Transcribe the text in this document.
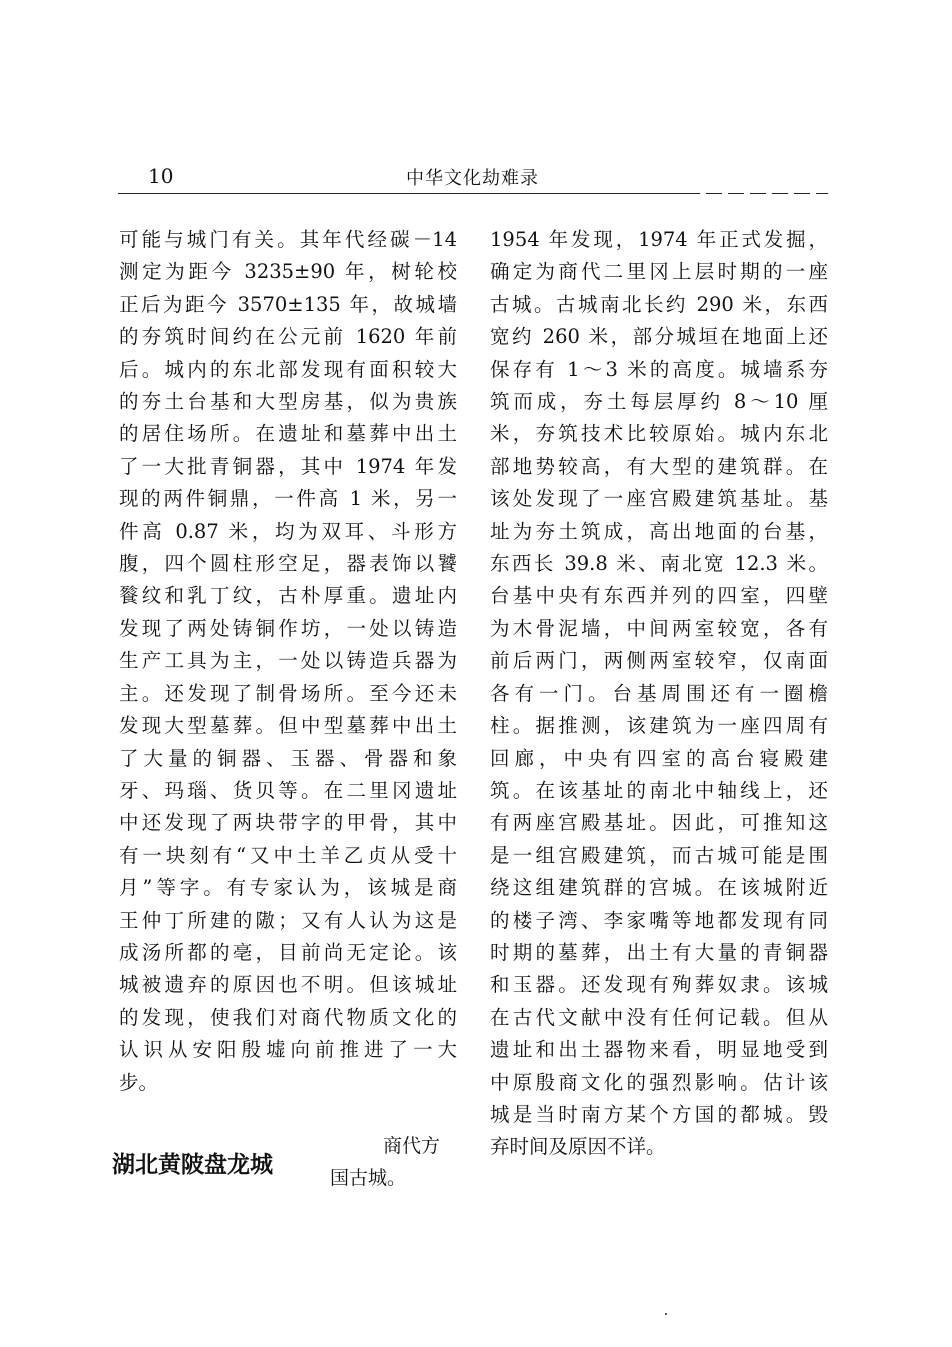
10	中华文化劫难录
可能与城门有关。其年代经碳－14
测定为距今 3235±90 年，树轮校
正后为距今 3570±135 年，故城墙
的夯筑时间约在公元前 1620 年前
后。城内的东北部发现有面积较大
的夯土台基和大型房基，似为贵族
的居住场所。在遗址和墓葬中出土
了一大批青铜器，其中 1974 年发
现的两件铜鼎，一件高 1 米，另一
件高 0.87 米，均为双耳、斗形方
腹，四个圆柱形空足，器表饰以饕
餮纹和乳丁纹，古朴厚重。遗址内
发现了两处铸铜作坊，一处以铸造
生产工具为主，一处以铸造兵器为
主。还发现了制骨场所。至今还未
发现大型墓葬。但中型墓葬中出土
了大量的铜器、玉器、骨器和象
牙、玛瑙、货贝等。在二里冈遗址
中还发现了两块带字的甲骨，其中
有一块刻有“又中土羊乙贞从受十
月”等字。有专家认为，该城是商
王仲丁所建的隞；又有人认为这是
成汤所都的亳，目前尚无定论。该
城被遗弃的原因也不明。但该城址
的发现，使我们对商代物质文化的
认识从安阳殷墟向前推进了一大
步。
1954 年发现，1974 年正式发掘，
确定为商代二里冈上层时期的一座
古城。古城南北长约 290 米，东西
宽约 260 米，部分城垣在地面上还
保存有 1～3 米的高度。城墙系夯
筑而成，夯土每层厚约 8～10 厘
米，夯筑技术比较原始。城内东北
部地势较高，有大型的建筑群。在
该处发现了一座宫殿建筑基址。基
址为夯土筑成，高出地面的台基，
东西长 39.8 米、南北宽 12.3 米。
台基中央有东西并列的四室，四壁
为木骨泥墙，中间两室较宽，各有
前后两门，两侧两室较窄，仅南面
各有一门。台基周围还有一圈檐
柱。据推测，该建筑为一座四周有
回廊，中央有四室的高台寝殿建
筑。在该基址的南北中轴线上，还
有两座宫殿基址。因此，可推知这
是一组宫殿建筑，而古城可能是围
绕这组建筑群的宫城。在该城附近
的楼子湾、李家嘴等地都发现有同
时期的墓葬，出土有大量的青铜器
和玉器。还发现有殉葬奴隶。该城
在古代文献中没有任何记载。但从
遗址和出土器物来看，明显地受到
中原殷商文化的强烈影响。估计该
城是当时南方某个方国的都城。毁
弃时间及原因不详。
湖北黄陂盘龙城
商代方
国古城。
